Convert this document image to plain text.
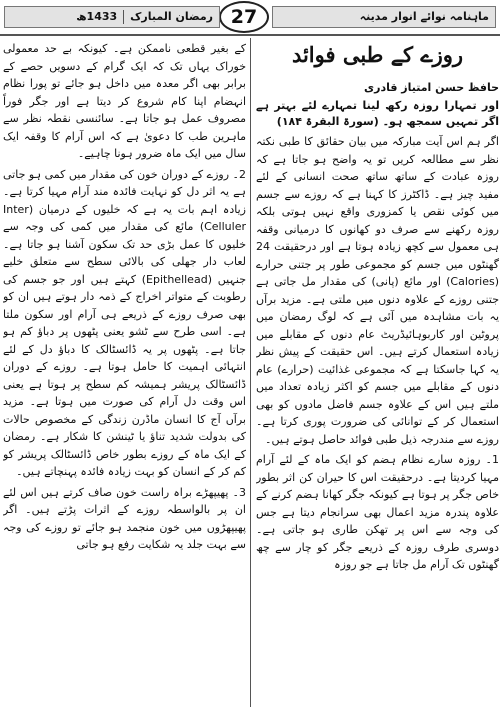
ماہنامہ نوائے انوار مدینہ
27
رمضان المبارک1433ھ
روزے کے طبی فوائد
حافظ حسن امتیاز قادری
اور تمہارا روزہ رکھ لینا تمہارے لئے بہتر ہے اگر تمہیں سمجھ ہو۔ (سورۃ البقرۃ ۱۸۴)
اگر ہم اس آیت مبارکہ میں بیان حقائق کا طبی نکتہ نظر سے مطالعہ کریں تو یہ واضح ہو جاتا ہے کہ روزہ عبادت کے ساتھ ساتھ صحت انسانی کے لئے مفید چیز ہے۔ ڈاکٹرز کا کہنا ہے کہ روزے سے جسم میں کوئی نقص یا کمزوری واقع نہیں ہوتی بلکہ روزہ رکھنے سے صرف دو کھانوں کا درمیانی وقفہ ہی معمول سے کچھ زیادہ ہوتا ہے اور درحقیقت 24 گھنٹوں میں جسم کو مجموعی طور پر جتنی حرارے (Calories) اور مائع (پانی) کی مقدار مل جاتی ہے جتنی روزے کے علاوہ دنوں میں ملتی ہے۔ مزید برآں یہ بات مشاہدہ میں آئی ہے کہ لوگ رمضان میں پروٹین اور کاربوہائیڈریٹ عام دنوں کے مقابلے میں زیادہ استعمال کرتے ہیں۔ اس حقیقت کے پیش نظر یہ کہا جاسکتا ہے کہ مجموعی غذائیت (حرارے) عام دنوں کے مقابلے میں جسم کو اکثر زیادہ تعداد میں ملتے ہیں اس کے علاوہ جسم فاضل مادوں کو بھی استعمال کر کے توانائی کی ضرورت پوری کرتا ہے۔ روزے سے مندرجہ ذیل طبی فوائد حاصل ہوتے ہیں۔
1۔ روزہ سارے نظام ہضم کو ایک ماہ کے لئے آرام مہیا کردیتا ہے۔ درحقیقت اس کا حیران کن اثر بطور خاص جگر پر ہوتا ہے کیونکہ جگر کھانا ہضم کرنے کے علاوہ پندرہ مزید اعمال بھی سرانجام دیتا ہے جس کی وجہ سے اس پر تھکن طاری ہو جاتی ہے۔ دوسری طرف روزہ کے ذریعے جگر کو چار سے چھ گھنٹوں تک آرام مل جاتا ہے جو روزہ
کے بغیر قطعی ناممکن ہے۔ کیونکہ بے حد معمولی خوراک یہاں تک کہ ایک گرام کے دسویں حصے کے برابر بھی اگر معدہ میں داخل ہو جائے تو پورا نظام انہضام اپنا کام شروع کر دیتا ہے اور جگر فوراً مصروف عمل ہو جاتا ہے۔ سائنسی نقطہ نظر سے ماہرین طب کا دعویٰ ہے کہ اس آرام کا وقفہ ایک سال میں ایک ماہ ضرور ہونا چاہیے۔
2۔ روزے کے دوران خون کی مقدار میں کمی ہو جاتی ہے یہ اثر دل کو نہایت فائدہ مند آرام مہیا کرتا ہے۔ زیادہ اہم بات یہ ہے کہ خلیوں کے درمیان (Inter Celluler) مائع کی مقدار میں کمی کی وجہ سے خلیوں کا عمل بڑی حد تک سکون آشنا ہو جاتا ہے۔ لعاب دار جھلی کی بالائی سطح سے متعلق خلیے جنہیں (Epithellead) کہتے ہیں اور جو جسم کی رطوبت کے متواتر اخراج کے ذمہ دار ہوتے ہیں ان کو بھی صرف روزے کے ذریعے ہی آرام اور سکون ملتا ہے۔ اسی طرح سے ٹشو یعنی پٹھوں پر دباؤ کم ہو جاتا ہے۔ پٹھوں پر یہ ڈائسٹالک کا دباؤ دل کے لئے انتہائی اہمیت کا حامل ہوتا ہے۔ روزے کے دوران ڈائسٹالک پریشر ہمیشہ کم سطح پر ہوتا ہے یعنی اس وقت دل آرام کی صورت میں ہوتا ہے۔ مزید برآں آج کا انسان ماڈرن زندگی کے مخصوص حالات کی بدولت شدید تناؤ یا ٹینشن کا شکار ہے۔ رمضان کے ایک ماہ کے روزے بطور خاص ڈائسٹالک پریشر کو کم کر کے انسان کو بہت زیادہ فائدہ پہنچاتے ہیں۔
3۔ پھیپھڑے براہ راست خون صاف کرتے ہیں اس لئے ان پر بالواسطہ روزے کے اثرات پڑتے ہیں۔ اگر پھیپھڑوں میں خون منجمد ہو جائے تو روزے کی وجہ سے بہت جلد یہ شکایت رفع ہو جاتی
